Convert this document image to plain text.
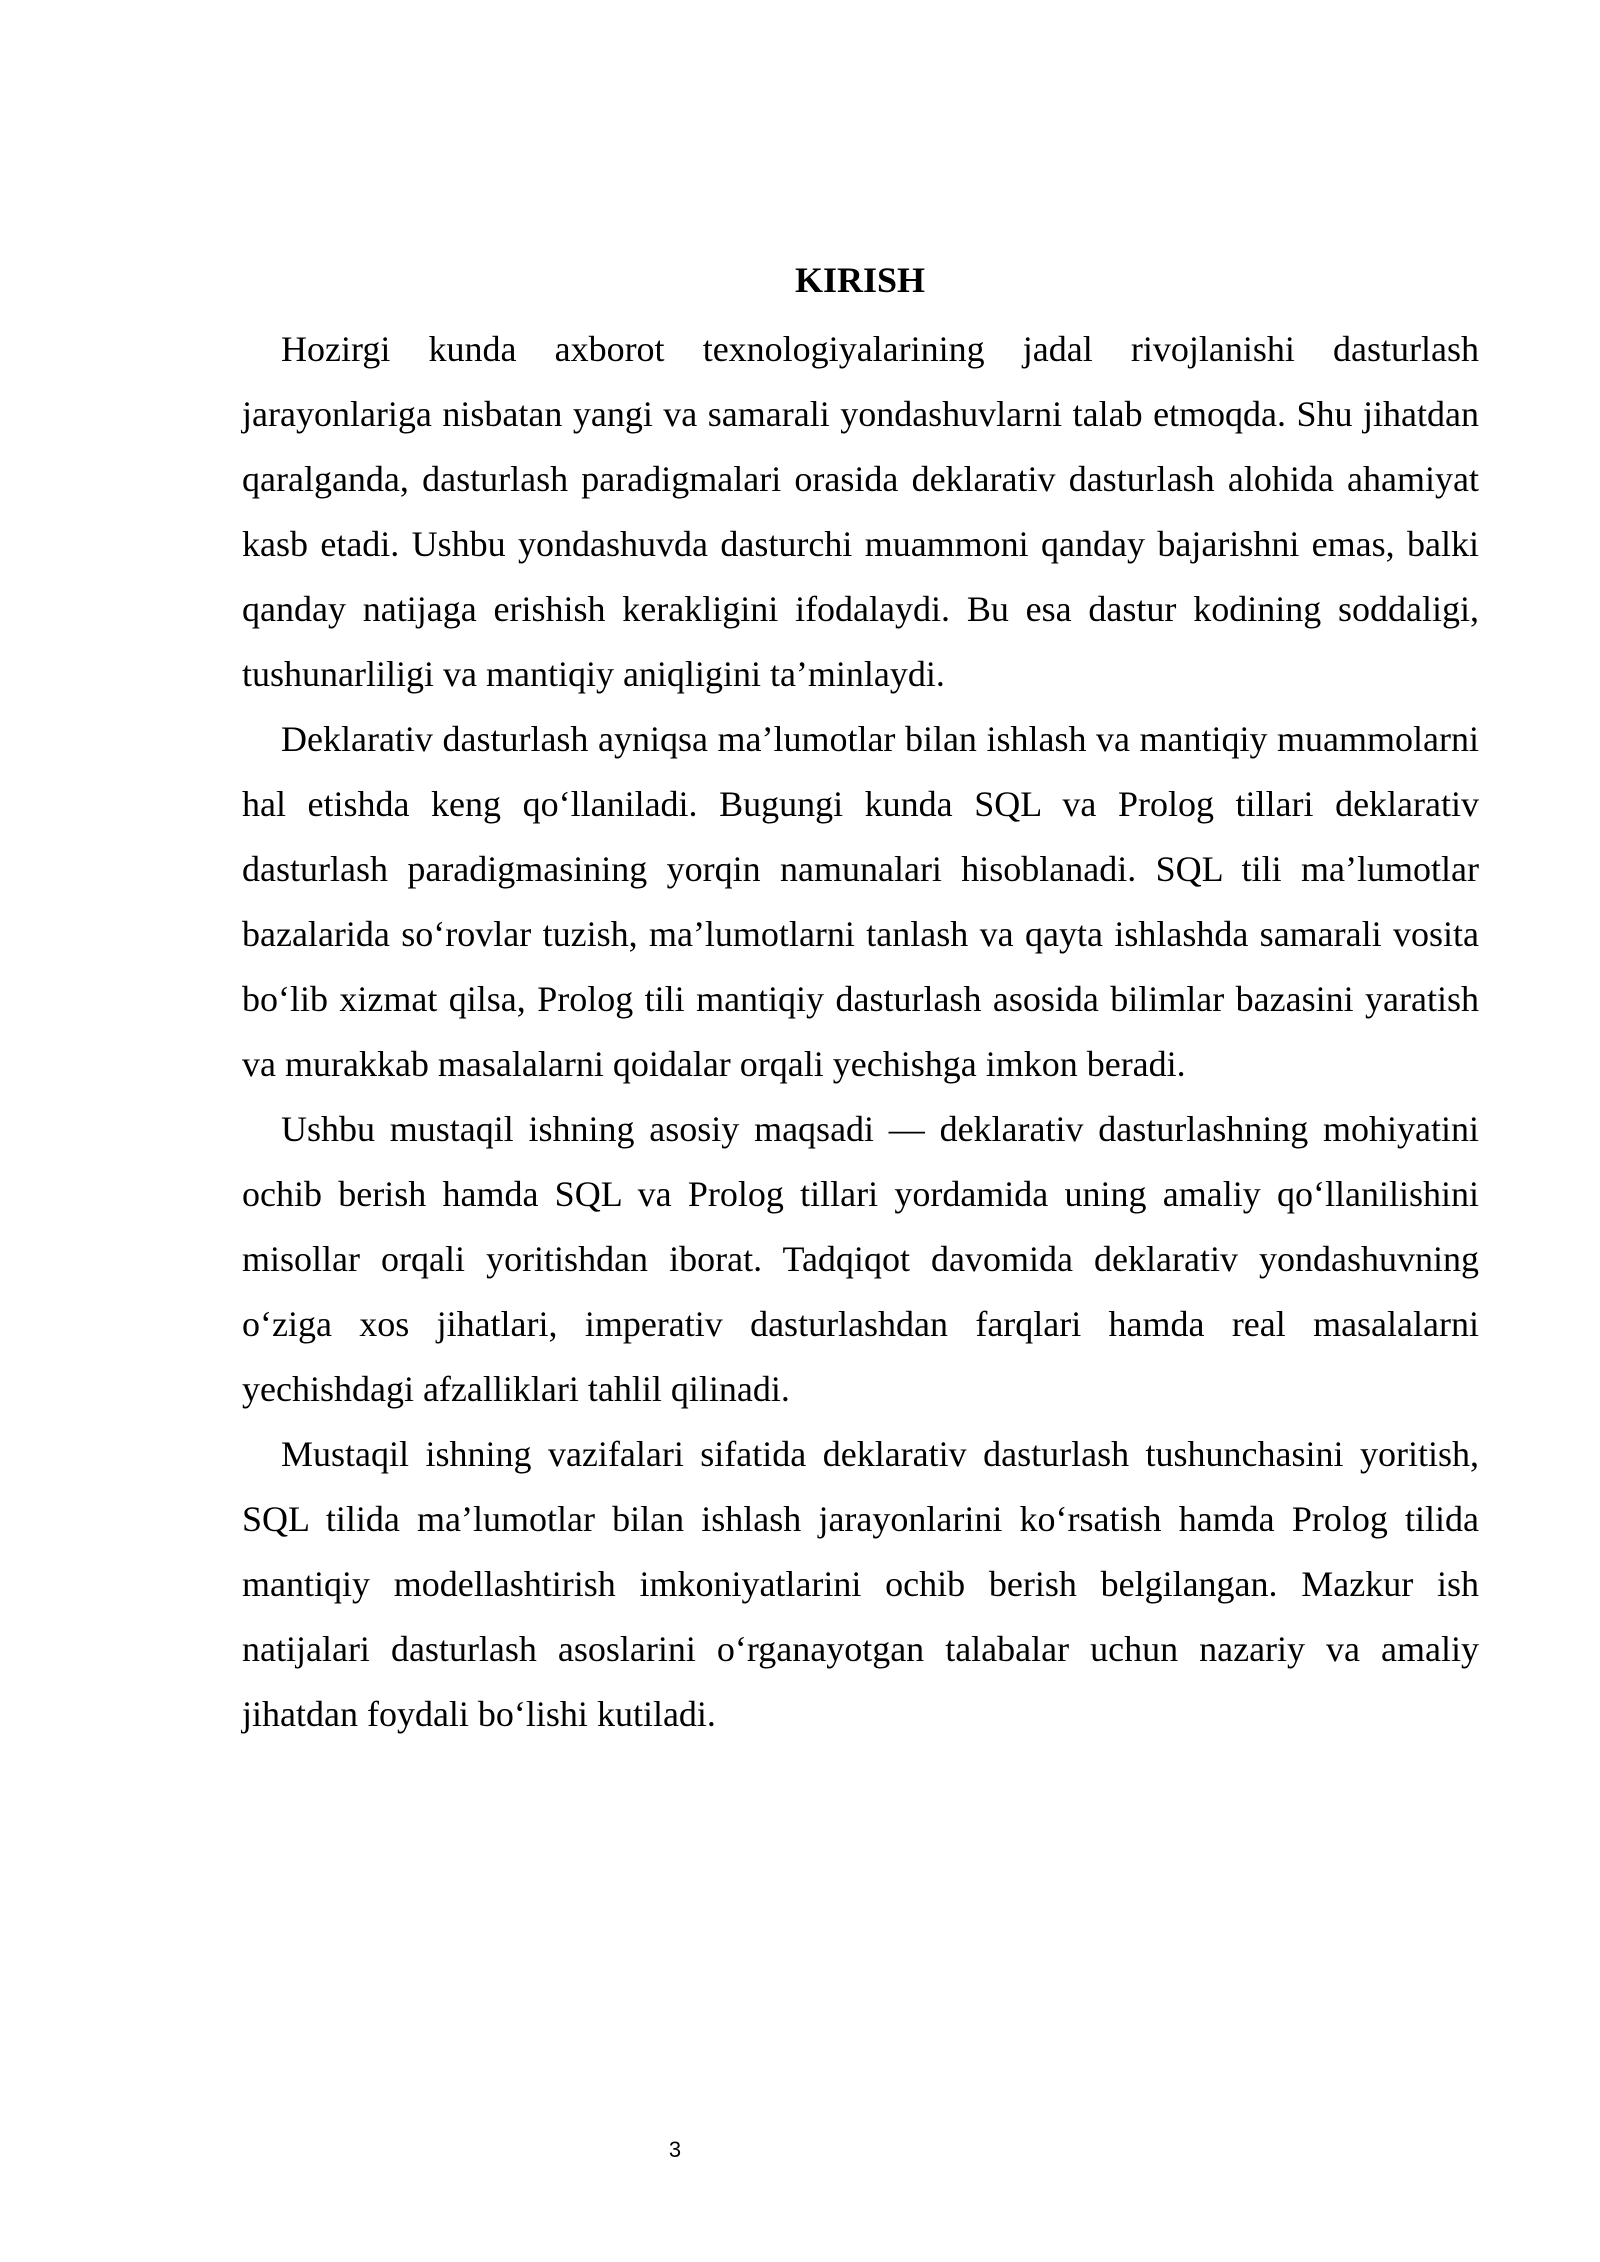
KIRISH

Hozirgi kunda axborot texnologiyalarining jadal rivojlanishi dasturlash jarayonlariga nisbatan yangi va samarali yondashuvlarni talab etmoqda. Shu jihatdan qaralganda, dasturlash paradigmalari orasida deklarativ dasturlash alohida ahamiyat kasb etadi. Ushbu yondashuvda dasturchi muammoni qanday bajarishni emas, balki qanday natijaga erishish kerakligini ifodalaydi. Bu esa dastur kodining soddaligi, tushunarliligi va mantiqiy aniqligini ta’minlaydi.

Deklarativ dasturlash ayniqsa ma’lumotlar bilan ishlash va mantiqiy muammolarni hal etishda keng qo‘llaniladi. Bugungi kunda SQL va Prolog tillari deklarativ dasturlash paradigmasining yorqin namunalari hisoblanadi. SQL tili ma’lumotlar bazalarida so‘rovlar tuzish, ma’lumotlarni tanlash va qayta ishlashda samarali vosita bo‘lib xizmat qilsa, Prolog tili mantiqiy dasturlash asosida bilimlar bazasini yaratish va murakkab masalalarni qoidalar orqali yechishga imkon beradi.

Ushbu mustaqil ishning asosiy maqsadi — deklarativ dasturlashning mohiyatini ochib berish hamda SQL va Prolog tillari yordamida uning amaliy qo‘llanilishini misollar orqali yoritishdan iborat. Tadqiqot davomida deklarativ yondashuvning o‘ziga xos jihatlari, imperativ dasturlashdan farqlari hamda real masalalarni yechishdagi afzalliklari tahlil qilinadi.

Mustaqil ishning vazifalari sifatida deklarativ dasturlash tushunchasini yoritish, SQL tilida ma’lumotlar bilan ishlash jarayonlarini ko‘rsatish hamda Prolog tilida mantiqiy modellashtirish imkoniyatlarini ochib berish belgilangan. Mazkur ish natijalari dasturlash asoslarini o‘rganayotgan talabalar uchun nazariy va amaliy jihatdan foydali bo‘lishi kutiladi.

3
